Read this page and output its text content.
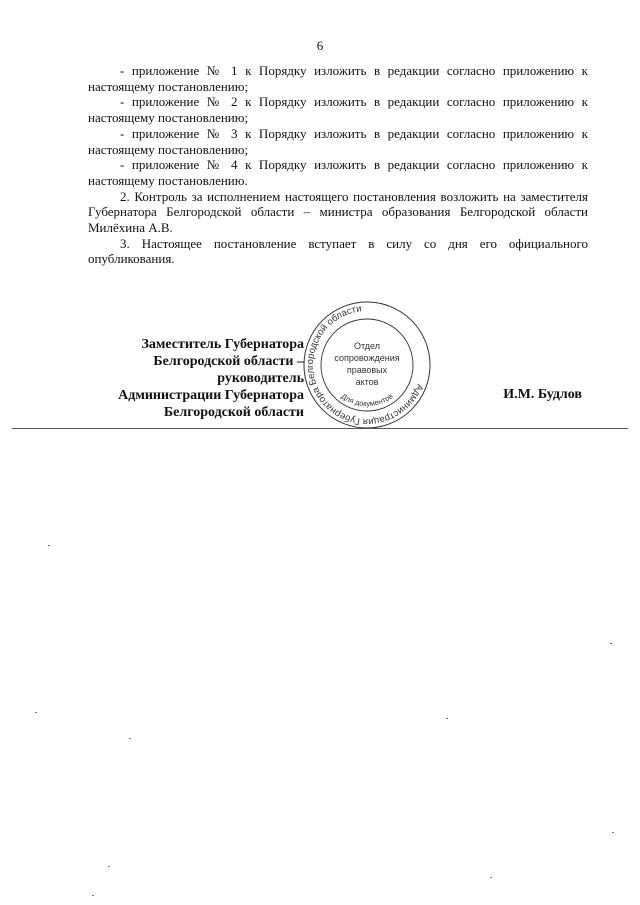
6

- приложение № 1 к Порядку изложить в редакции согласно приложению к настоящему постановлению;

- приложение № 2 к Порядку изложить в редакции согласно приложению к настоящему постановлению;

- приложение № 3 к Порядку изложить в редакции согласно приложению к настоящему постановлению;

- приложение № 4 к Порядку изложить в редакции согласно приложению к настоящему постановлению.

2. Контроль за исполнением настоящего постановления возложить на заместителя Губернатора Белгородской области – министра образования Белгородской области Милёхина А.В.

3. Настоящее постановление вступает в силу со дня его официального опубликования.

Администрация Губернатора Белгородской области
Отдел
сопровождения
правовых
актов
Для документов
Заместитель Губернатора
Белгородской области – руководитель
Администрации Губернатора
Белгородской области
И.М. Будлов
